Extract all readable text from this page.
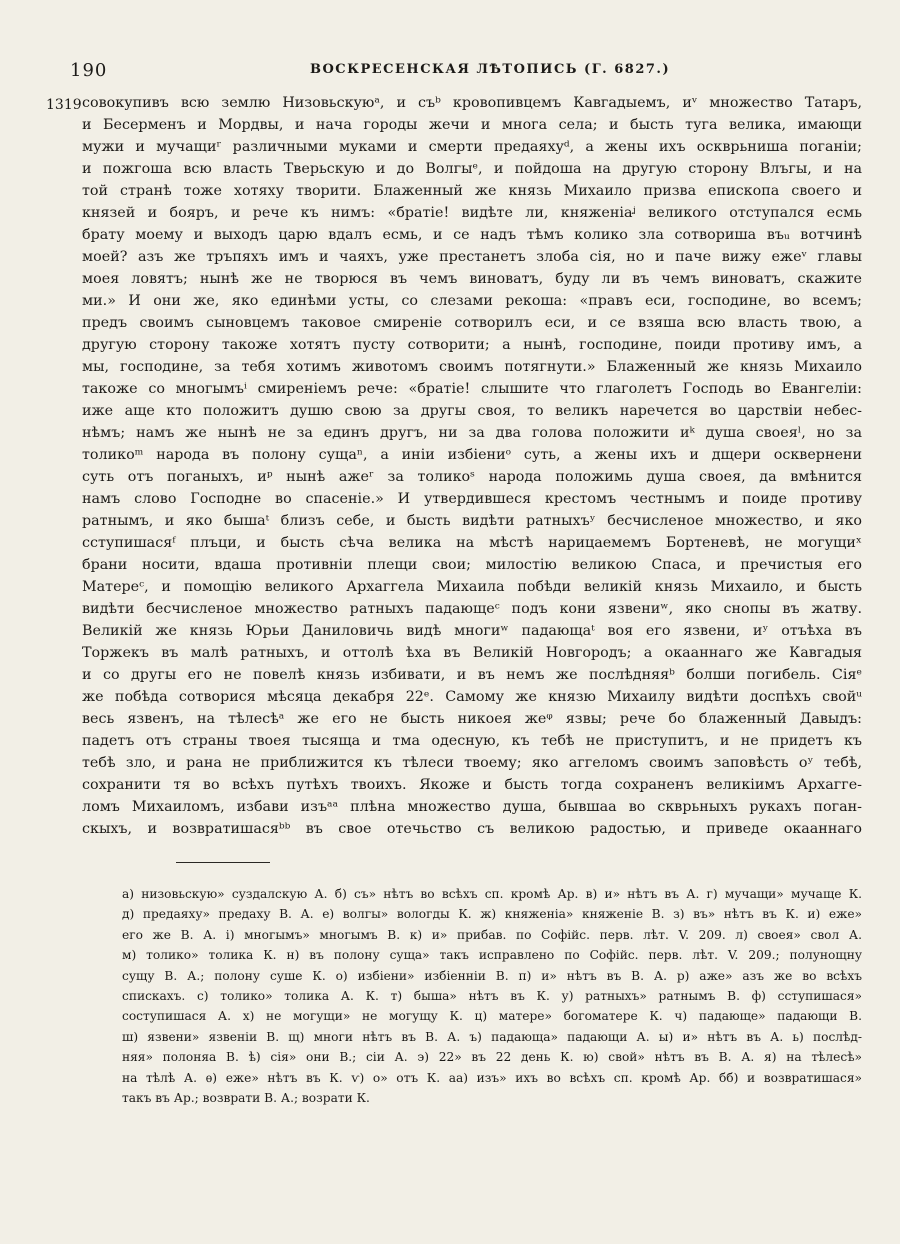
190	ВОСКРЕСЕНСКАЯ ЛѢТОПИСЬ (Г. 6827.)
1319 совокупивъ всю землю Низовьскуюᵃ, и съᵇ кровопивцемъ Кавгадыемъ, иᵛ множество Татаръ,
и Бесерменъ и Мордвы, и нача городы жечи и многа села; и бысть туга велика, имающи
мужи и мучащиʳ различными муками и смерти предаяхуᵈ, а жены ихъ оскврьниша поганіи;
и пожгоша всю власть Тверьскую и до Волгыᵉ, и пойдоша на другую сторону Влъгы, и на
той странѣ тоже хотяху творити. Блаженный же князь Михаило призва епископа своего и
князей и бояръ, и рече къ нимъ: «братіе! видѣте ли, княженіаᶨ великого отступался есмь
брату моему и выходъ царю вдалъ есмь, и се надъ тѣмъ колико зла сотвориша въᵤ вотчинѣ
моей? азъ же тръпяхъ имъ и чаяхъ, уже престанетъ злоба сія, но и паче вижу ежеᵛ главы
моея ловятъ; нынѣ же не творюся въ чемъ виноватъ, буду ли въ чемъ виноватъ, скажите
ми.» И они же, яко единѣми усты, со слезами рекоша: «правъ еси, господине, во всемъ;
предъ своимъ сыновцемъ таковое смиреніе сотворилъ еси, и се взяша всю власть твою, а
другую сторону такоже хотятъ пусту сотворити; а нынѣ, господине, поиди противу имъ, а
мы, господине, за тебя хотимъ животомъ своимъ потягнути.» Блаженный же князь Михаило
такоже со многымъⁱ смиреніемъ рече: «братіе! слышите что глаголетъ Господь во Евангеліи:
иже аще кто положитъ душю свою за другы своя, то великъ наречется во царствіи небес-
нѣмъ; намъ же нынѣ не за единъ другъ, ни за два голова положити иᵏ душа своеяˡ, но за
толикоᵐ народа въ полону сущаⁿ, а иніи избіениᵒ суть, а жены ихъ и дщери осквернени
суть отъ поганыхъ, иᵖ нынѣ ажеʳ за толикоˢ народа положимь душа своея, да вмѣнится
намъ слово Господне во спасеніе.» И утвердившеся крестомъ честнымъ и поиде противу
ратнымъ, и яко бышаᵗ близъ себе, и бысть видѣти ратныхъʸ бесчисленое множество, и яко
сступишасяᶠ плъци, и бысть сѣча велика на мѣстѣ нарицаемемъ Бортеневѣ, не могущиˣ
брани носити, вдаша противніи плещи свои; милостію великою Спаса, и пречистыя его
Матереᶜ, и помощію великого Архаггела Михаила побѣди великій князь Михаило, и бысть
видѣти бесчисленое множество ратныхъ падающеᶜ подъ кони язвениʷ, яко снопы въ жатву.
Великій же князь Юрьи Даниловичь видѣ многиʷ падающаᵗ воя его язвени, иʸ отъѣха въ
Торжекъ въ малѣ ратныхъ, и оттолѣ ѣха въ Великій Новгородъ; а окааннаго же Кавгадыя
и со другы его не повелѣ князь избивати, и въ немъ же послѣдняяᵇ болши погибель. Сіяᵉ
же побѣда сотворися мѣсяца декабря 22ᵉ. Самому же князю Михаилу видѣти доспѣхъ свойᵘ
весь язвенъ, на тѣлесѣᵃ же его не бысть никоея жеᵠ язвы; рече бо блаженный Давыдъ:
падетъ отъ страны твоея тысяща и тма одесную, къ тебѣ не приступитъ, и не придетъ къ
тебѣ зло, и рана не приближится къ тѣлеси твоему; яко аггеломъ своимъ заповѣсть оʸ тебѣ,
сохранити тя во всѣхъ путѣхъ твоихъ. Якоже и бысть тогда сохраненъ великіимъ Архагге-
ломъ Михаиломъ, избави изъᵃᵃ плѣна множество душа, бывшаа во скврьныхъ рукахъ поган-
скыхъ, и возвратишасяᵇᵇ въ свое отечьство съ великою радостью, и приведе окааннаго
а) низовьскую» суздалскую А. б) съ» нѣтъ во всѣхъ сп. кромѣ Ар. в) и» нѣтъ въ А. г) мучащи» мучаще К.
д) предаяху» предаху В. А. е) волгы» вологды К. ж) княженіа» княженіе В. з) въ» нѣтъ въ К. и) еже»
его же В. А. і) многымъ» многымъ В. к) и» прибав. по Софійс. перв. лѣт. V. 209. л) своея» свол А.
м) толико» толика К. н) въ полону суща» такъ исправлено по Софійс. перв. лѣт. V. 209.; полунощну
сущу В. А.; полону суше К. о) избіени» избіенніи В. п) и» нѣтъ въ В. А. р) аже» азъ же во всѣхъ
спискахъ. с) толико» толика А. К. т) быша» нѣтъ въ К. у) ратныхъ» ратнымъ В. ф) сступишася»
соступишася А. х) не могущи» не могущу К. ц) матере» богоматере К. ч) падающе» падающи В.
ш) язвени» язвеніи В. щ) многи нѣтъ въ В. А. ъ) падающа» падающи А. ы) и» нѣтъ въ А. ь) послѣд-
няя» полоняа В. ѣ) сія» они В.; сіи А. э) 22» въ 22 день К. ю) свой» нѣтъ въ В. А. я) на тѣлесѣ»
на тѣлѣ А. ѳ) еже» нѣтъ въ К. ѵ) о» отъ К. аа) изъ» ихъ во всѣхъ сп. кромѣ Ар. бб) и возвратишася»
такъ въ Ар.; возврати В. А.; возрати К.
